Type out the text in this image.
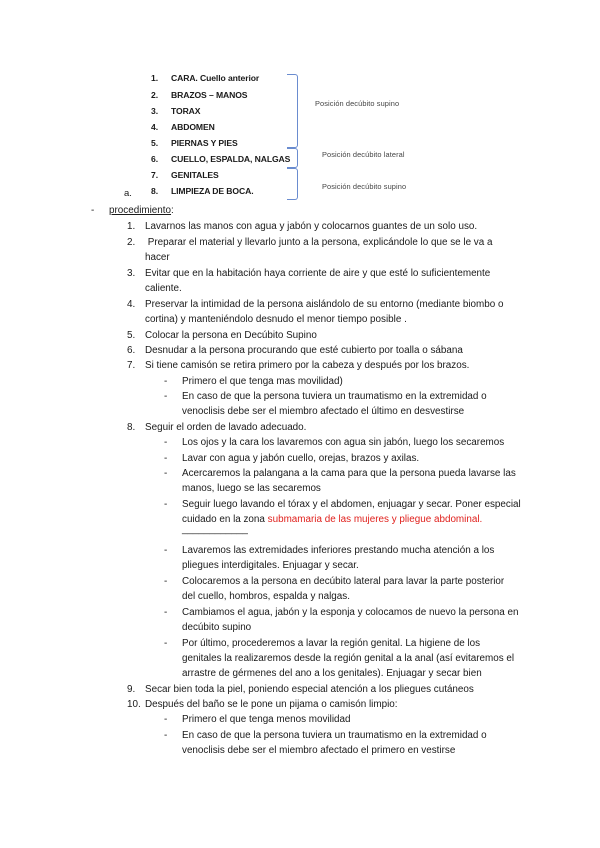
1. CARA. Cuello anterior
2. BRAZOS – MANOS
3. TORAX
4. ABDOMEN
5. PIERNAS Y PIES
6. CUELLO, ESPALDA, NALGAS
7. GENITALES
8. LIMPIEZA DE BOCA.
a.
Posición decúbito supino
Posición decúbito lateral
Posición decúbito supino
- procedimiento:
1. Lavarnos las manos con agua y jabón y colocarnos guantes de un solo uso.
2. Preparar el material y llevarlo junto a la persona, explicándole lo que se le va a
hacer
3. Evitar que en la habitación haya corriente de aire y que esté lo suficientemente
caliente.
4. Preservar la intimidad de la persona aislándolo de su entorno (mediante biombo o
cortina) y manteniéndolo desnudo el menor tiempo posible .
5. Colocar la persona en Decúbito Supino
6. Desnudar a la persona procurando que esté cubierto por toalla o sábana
7. Si tiene camisón se retira primero por la cabeza y después por los brazos.
- Primero el que tenga mas movilidad)
- En caso de que la persona tuviera un traumatismo en la extremidad o
venoclisis debe ser el miembro afectado el último en desvestirse
8. Seguir el orden de lavado adecuado.
- Los ojos y la cara los lavaremos con agua sin jabón, luego los secaremos
- Lavar con agua y jabón cuello, orejas, brazos y axilas.
- Acercaremos la palangana a la cama para que la persona pueda lavarse las
manos, luego se las secaremos
- Seguir luego lavando el tórax y el abdomen, enjuagar y secar. Poner especial
cuidado en la zona submamaria de las mujeres y pliegue abdominal.
____________
- Lavaremos las extremidades inferiores prestando mucha atención a los
pliegues interdigitales. Enjuagar y secar.
- Colocaremos a la persona en decúbito lateral para lavar la parte posterior
del cuello, hombros, espalda y nalgas.
- Cambiamos el agua, jabón y la esponja y colocamos de nuevo la persona en
decúbito supino
- Por último, procederemos a lavar la región genital. La higiene de los
genitales la realizaremos desde la región genital a la anal (así evitaremos el
arrastre de gérmenes del ano a los genitales). Enjuagar y secar bien
9. Secar bien toda la piel, poniendo especial atención a los pliegues cutáneos
10. Después del baño se le pone un pijama o camisón limpio:
- Primero el que tenga menos movilidad
- En caso de que la persona tuviera un traumatismo en la extremidad o
venoclisis debe ser el miembro afectado el primero en vestirse
